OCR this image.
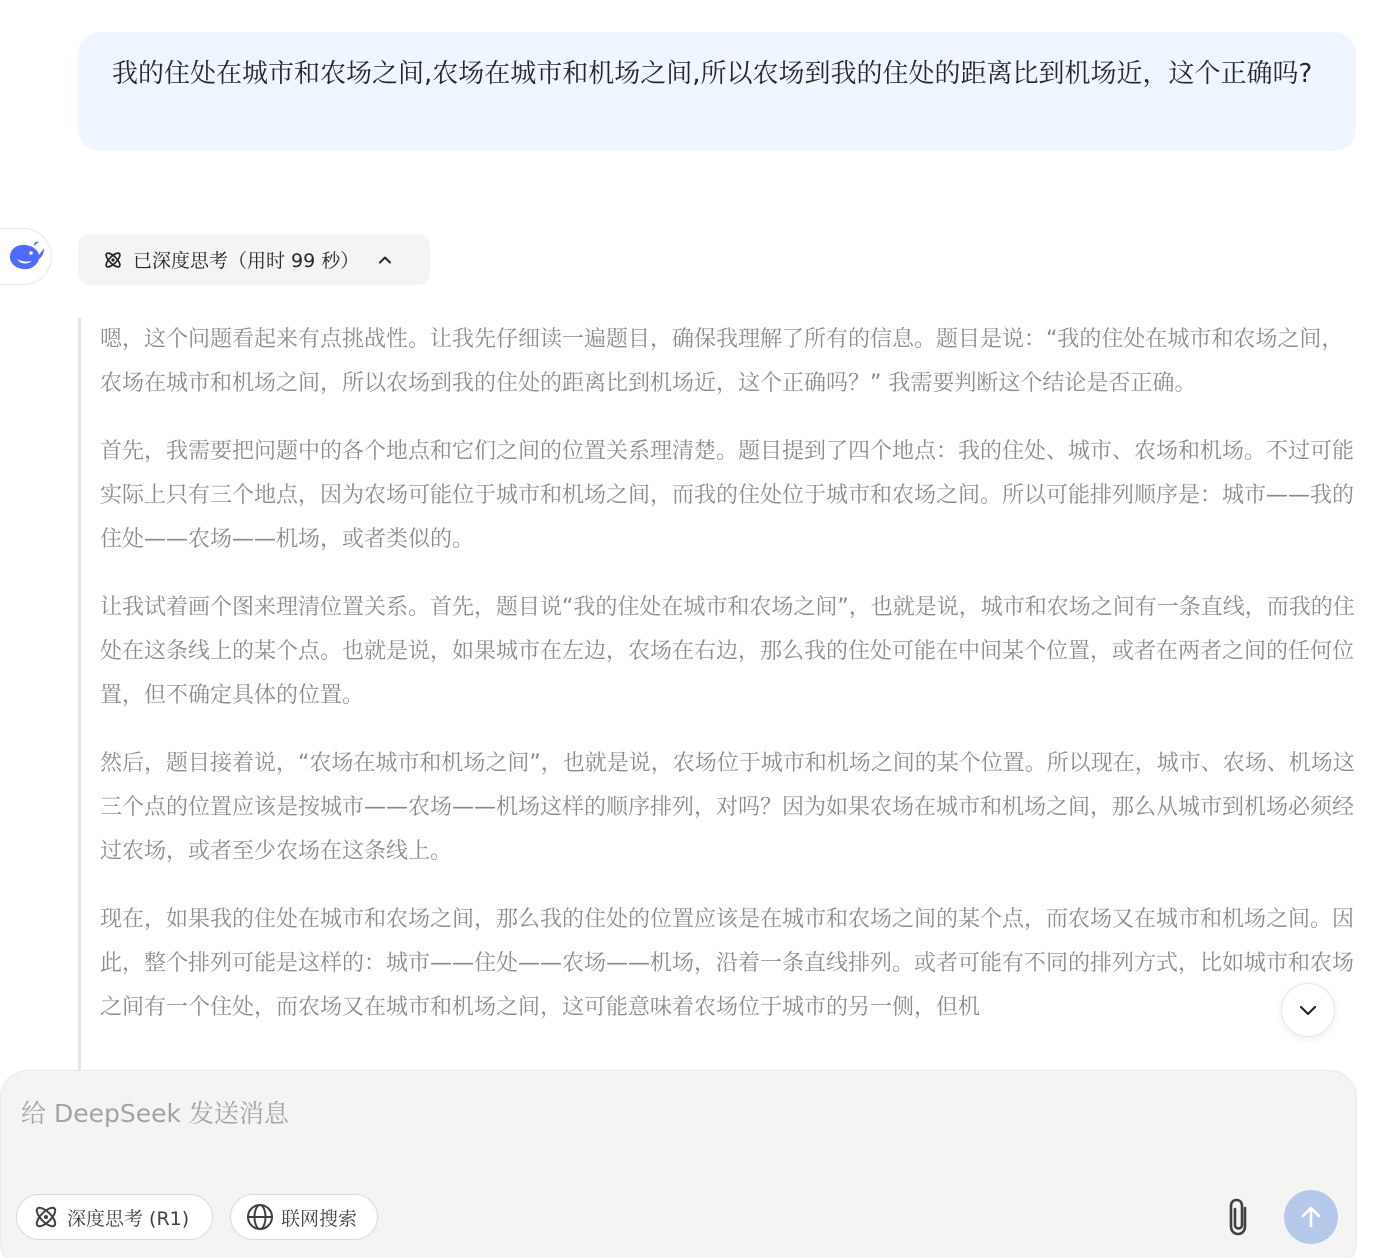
我的住处在城市和农场之间,农场在城市和机场之间,所以农场到我的住处的距离比到机场近，这个正确吗?
已深度思考（用时 99 秒）

嗯，这个问题看起来有点挑战性。让我先仔细读一遍题目，确保我理解了所有的信息。题目是说：“我的住处在城市和农场之间，农场在城市和机场之间，所以农场到我的住处的距离比到机场近，这个正确吗？” 我需要判断这个结论是否正确。

首先，我需要把问题中的各个地点和它们之间的位置关系理清楚。题目提到了四个地点：我的住处、城市、农场和机场。不过可能实际上只有三个地点，因为农场可能位于城市和机场之间，而我的住处位于城市和农场之间。所以可能排列顺序是：城市——我的住处——农场——机场，或者类似的。

让我试着画个图来理清位置关系。首先，题目说“我的住处在城市和农场之间”，也就是说，城市和农场之间有一条直线，而我的住处在这条线上的某个点。也就是说，如果城市在左边，农场在右边，那么我的住处可能在中间某个位置，或者在两者之间的任何位置，但不确定具体的位置。

然后，题目接着说，“农场在城市和机场之间”，也就是说，农场位于城市和机场之间的某个位置。所以现在，城市、农场、机场这三个点的位置应该是按城市——农场——机场这样的顺序排列，对吗？因为如果农场在城市和机场之间，那么从城市到机场必须经过农场，或者至少农场在这条线上。

现在，如果我的住处在城市和农场之间，那么我的住处的位置应该是在城市和农场之间的某个点，而农场又在城市和机场之间。因此，整个排列可能是这样的：城市——住处——农场——机场，沿着一条直线排列。或者可能有不同的排列方式，比如城市和农场之间有一个住处，而农场又在城市和机场之间，这可能意味着农场位于城市的另一侧，但机

给 DeepSeek 发送消息
深度思考 (R1)	联网搜索
